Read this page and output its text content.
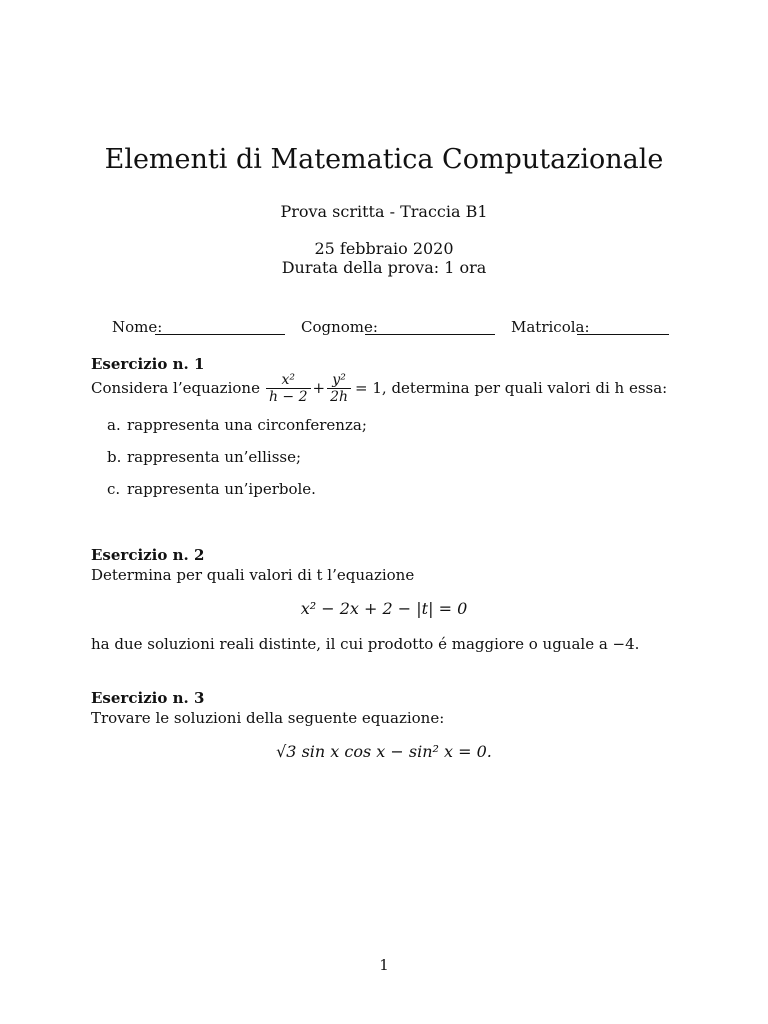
Elementi di Matematica Computazionale
Prova scritta - Traccia B1
25 febbraio 2020
Durata della prova: 1 ora
Nome:	Cognome:	Matricola:
Esercizio n. 1
Considera l’equazione $\frac{\text{x²}}{h - 2} + \frac{\text{y²}}{2h} = 1$, determina per quali valori di h essa:
a. rappresenta una circonferenza;
b. rappresenta un’ellisse;
c. rappresenta un’iperbole.
Esercizio n. 2
Determina per quali valori di t l’equazione
x² − 2x + 2 − |t| = 0
ha due soluzioni reali distinte, il cui prodotto é maggiore o uguale a −4.
Esercizio n. 3
Trovare le soluzioni della seguente equazione:
√3 sin x cos x − sin² x = 0.
1
